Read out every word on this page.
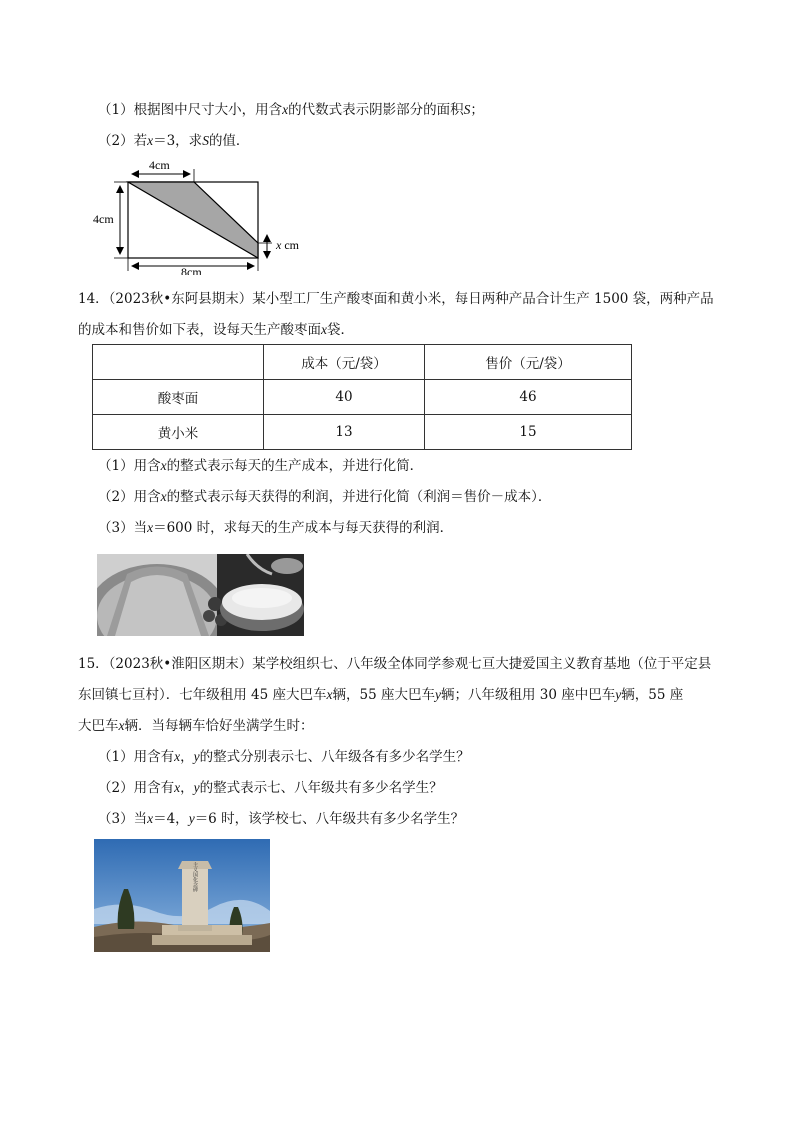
（1）根据图中尺寸大小，用含x的代数式表示阴影部分的面积S；
（2）若x＝3，求S的值．
4cm
4cm
8cm
x cm
14．（2023秋•东阿县期末）某小型工厂生产酸枣面和黄小米，每日两种产品合计生产 1500 袋，两种产品
的成本和售价如下表，设每天生产酸枣面x袋．
	成本（元/袋）	售价（元/袋）
酸枣面	40	46
黄小米	13	15
（1）用含x的整式表示每天的生产成本，并进行化简．
（2）用含x的整式表示每天获得的利润，并进行化简（利润＝售价－成本）．
（3）当x＝600 时，求每天的生产成本与每天获得的利润．
15．（2023秋•淮阳区期末）某学校组织七、八年级全体同学参观七亘大捷爱国主义教育基地（位于平定县
东回镇七亘村）．七年级租用 45 座大巴车x辆，55 座大巴车y辆；八年级租用 30 座中巴车y辆，55 座
大巴车x辆．当每辆车恰好坐满学生时：
（1）用含有x，y的整式分别表示七、八年级各有多少名学生？
（2）用含有x，y的整式表示七、八年级共有多少名学生？
（3）当x＝4，y＝6 时，该学校七、八年级共有多少名学生？
主义国化念碑
